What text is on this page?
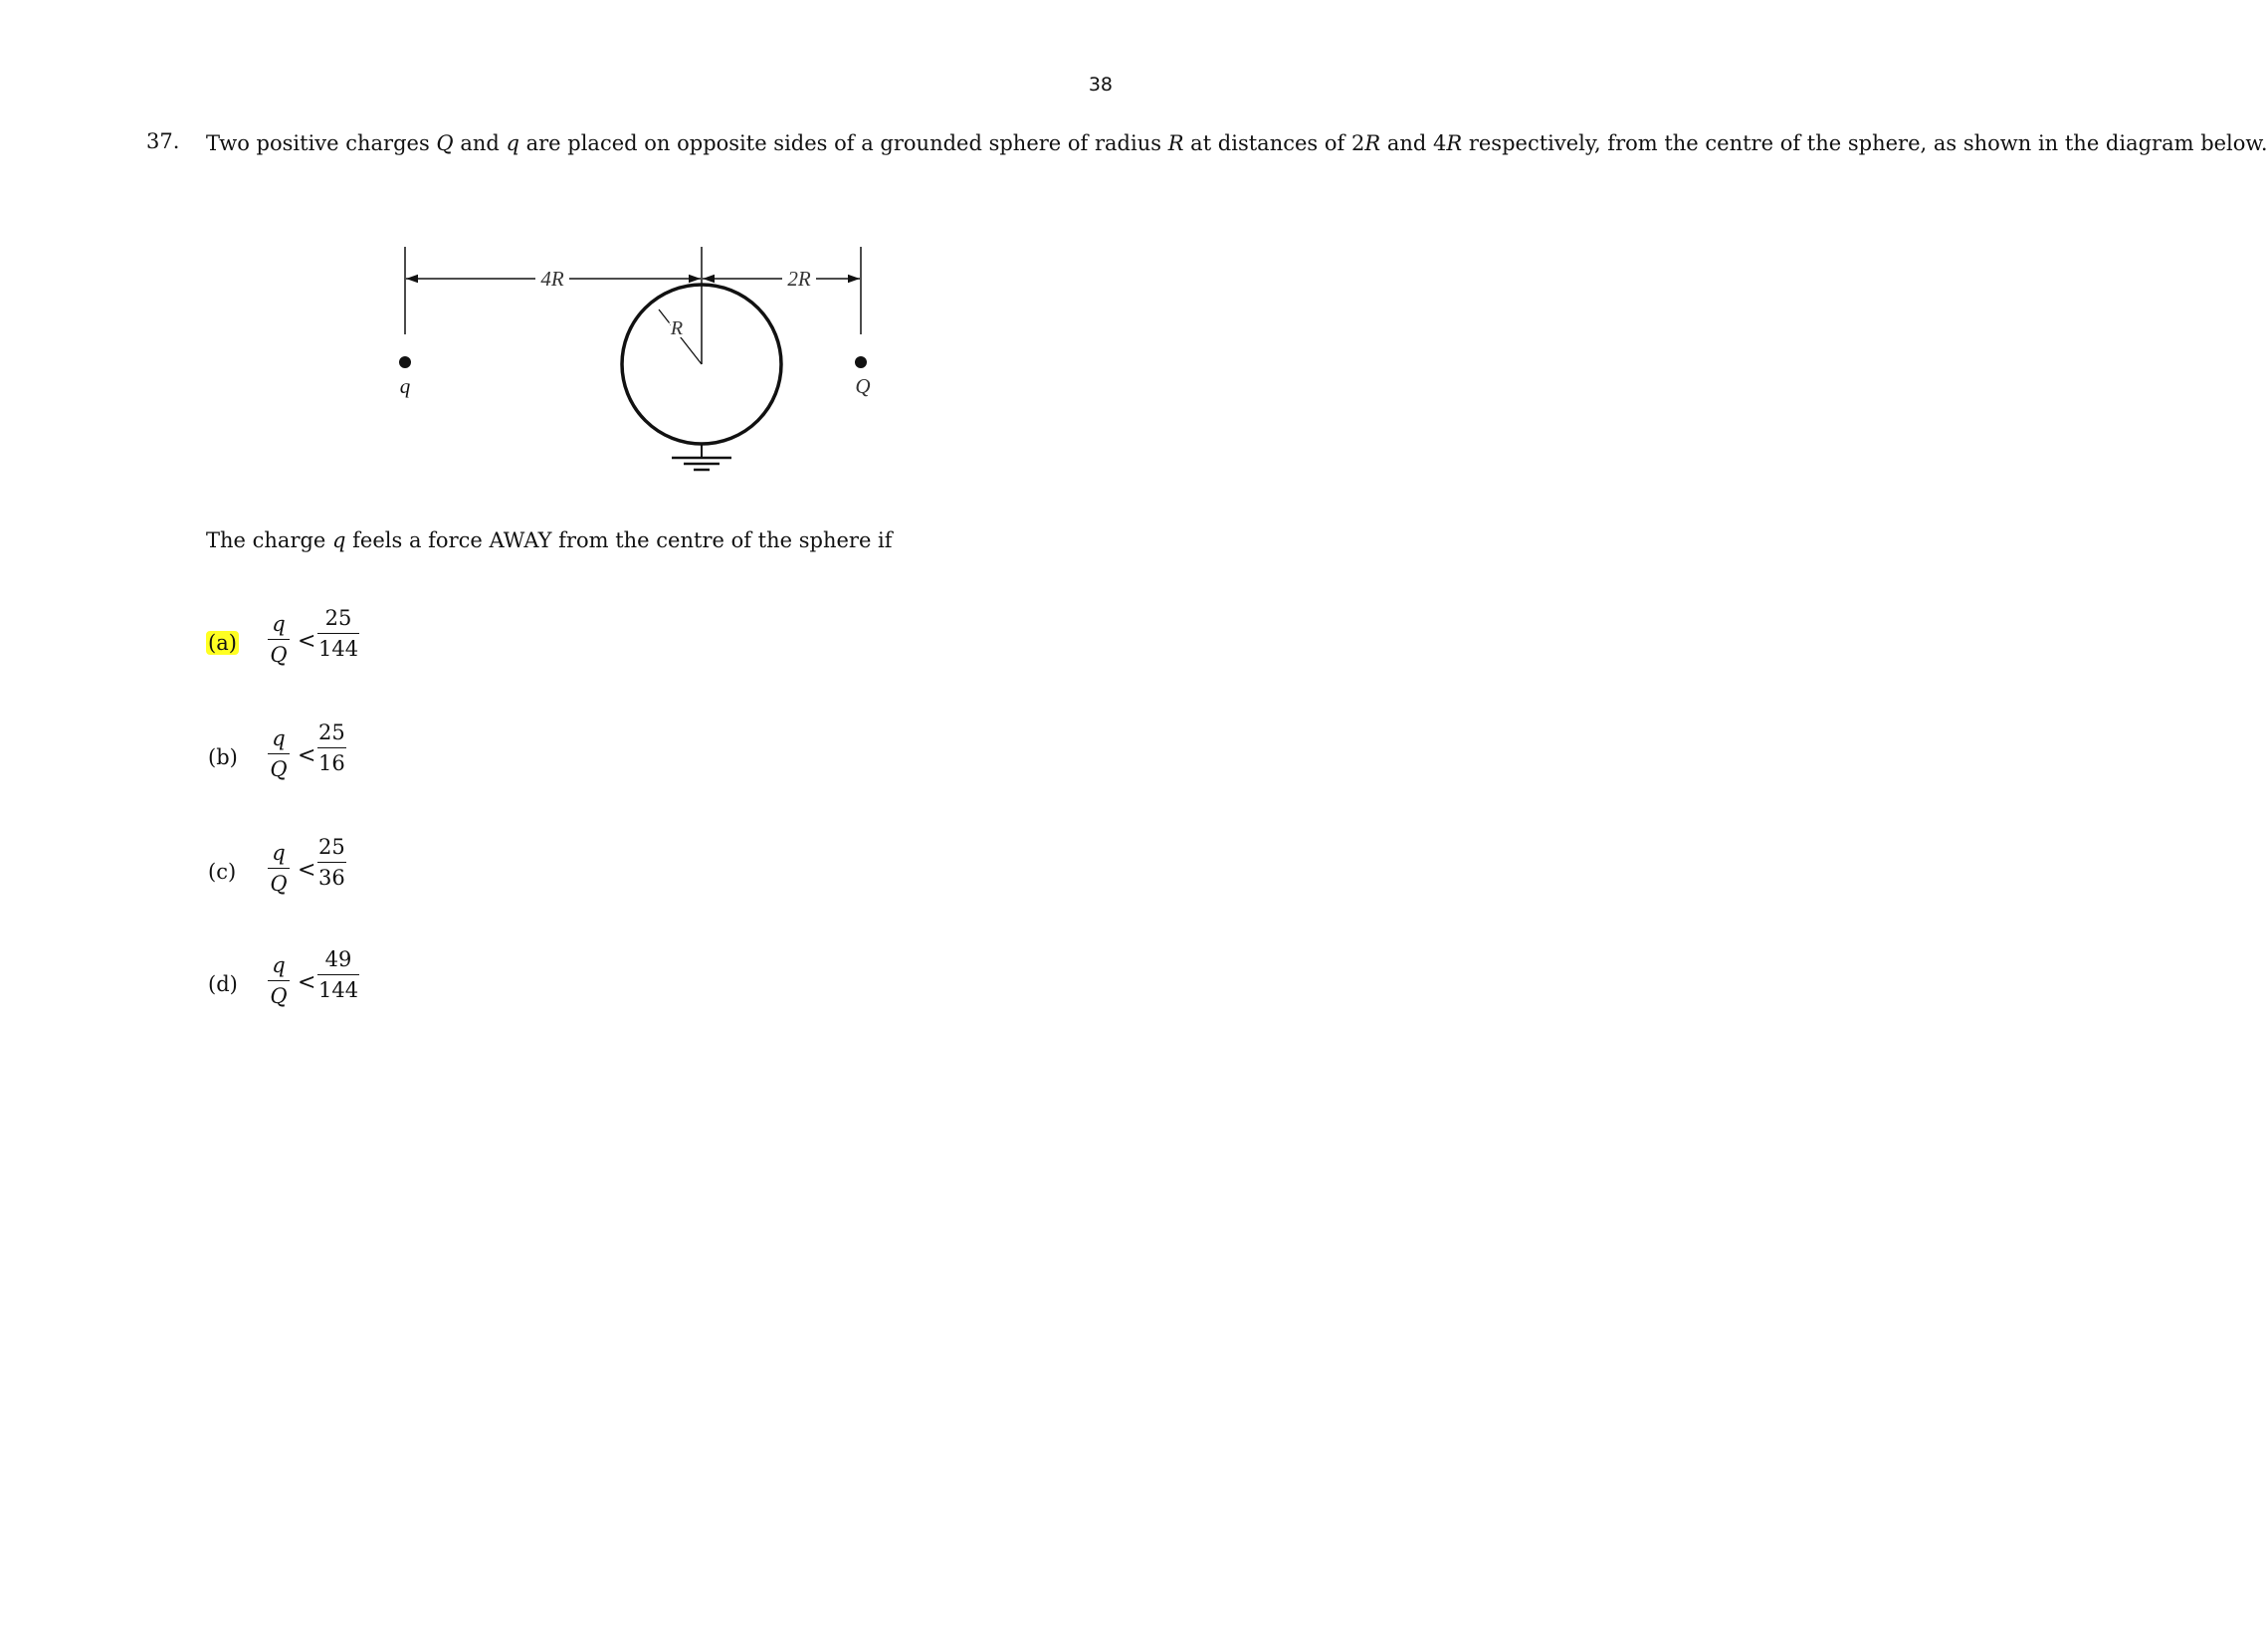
38
37. Two positive charges Q and q are placed on opposite sides of a grounded sphere of radius R at distances of 2R and 4R respectively, from the centre of the sphere, as shown in the diagram below.
4R	2R
R
q	Q
The charge q feels a force AWAY from the centre of the sphere if
(a)
q
Q
<
25
144
(b)
q
Q
<
25
16
(c)
q
Q
<
25
36
(d)
q
Q
<
49
144
